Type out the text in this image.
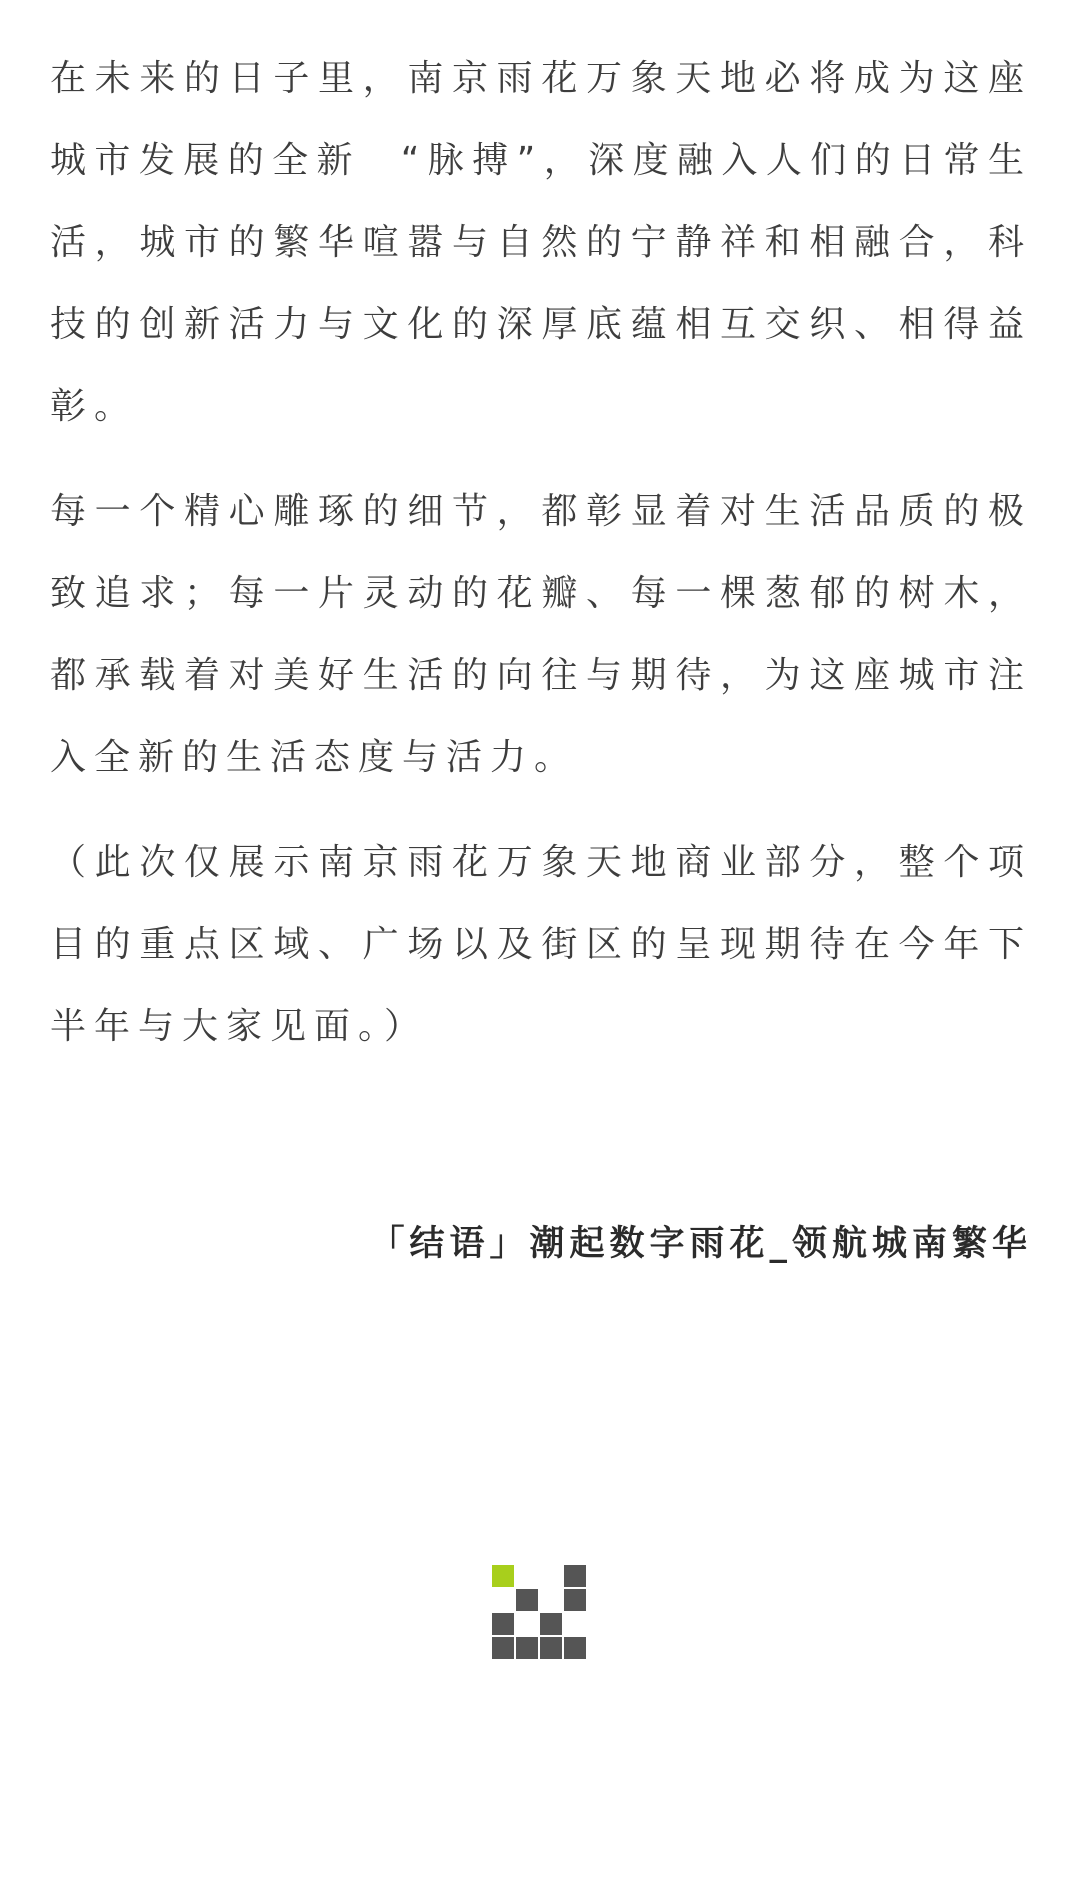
在未来的日子里，南京雨花万象天地必将成为这座城市发展的全新  “脉搏”，深度融入人们的日常生活，城市的繁华喧嚣与自然的宁静祥和相融合，科技的创新活力与文化的深厚底蕴相互交织、相得益彰。

每一个精心雕琢的细节，都彰显着对生活品质的极致追求；每一片灵动的花瓣、每一棵葱郁的树木，都承载着对美好生活的向往与期待，为这座城市注入全新的生活态度与活力。

（此次仅展示南京雨花万象天地商业部分，整个项目的重点区域、广场以及街区的呈现期待在今年下半年与大家见面。）

「结语」潮起数字雨花_领航城南繁华
